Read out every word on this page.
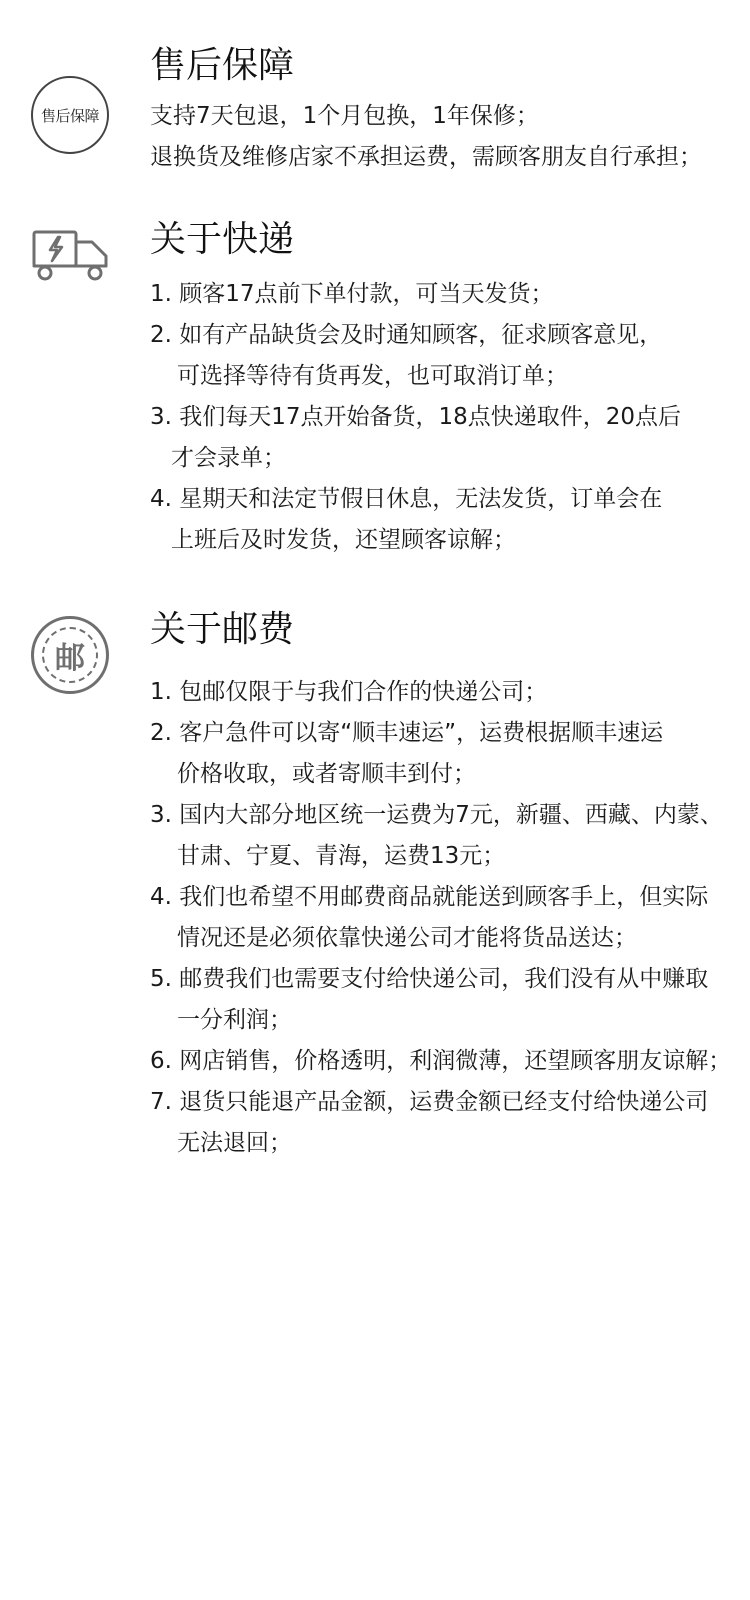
售后保障
售后保障
支持7天包退，1个月包换，1年保修；
退换货及维修店家不承担运费，需顾客朋友自行承担；
关于快递
1. 顾客17点前下单付款，可当天发货；
2. 如有产品缺货会及时通知顾客，征求顾客意见，
可选择等待有货再发，也可取消订单；
3. 我们每天17点开始备货，18点快递取件，20点后
才会录单；
4. 星期天和法定节假日休息，无法发货，订单会在
上班后及时发货，还望顾客谅解；
邮
关于邮费
1. 包邮仅限于与我们合作的快递公司；
2. 客户急件可以寄“顺丰速运”，运费根据顺丰速运
价格收取，或者寄顺丰到付；
3. 国内大部分地区统一运费为7元，新疆、西藏、内蒙、
甘肃、宁夏、青海，运费13元；
4. 我们也希望不用邮费商品就能送到顾客手上，但实际
情况还是必须依靠快递公司才能将货品送达；
5. 邮费我们也需要支付给快递公司，我们没有从中赚取
一分利润；
6. 网店销售，价格透明，利润微薄，还望顾客朋友谅解；
7. 退货只能退产品金额，运费金额已经支付给快递公司
无法退回；
